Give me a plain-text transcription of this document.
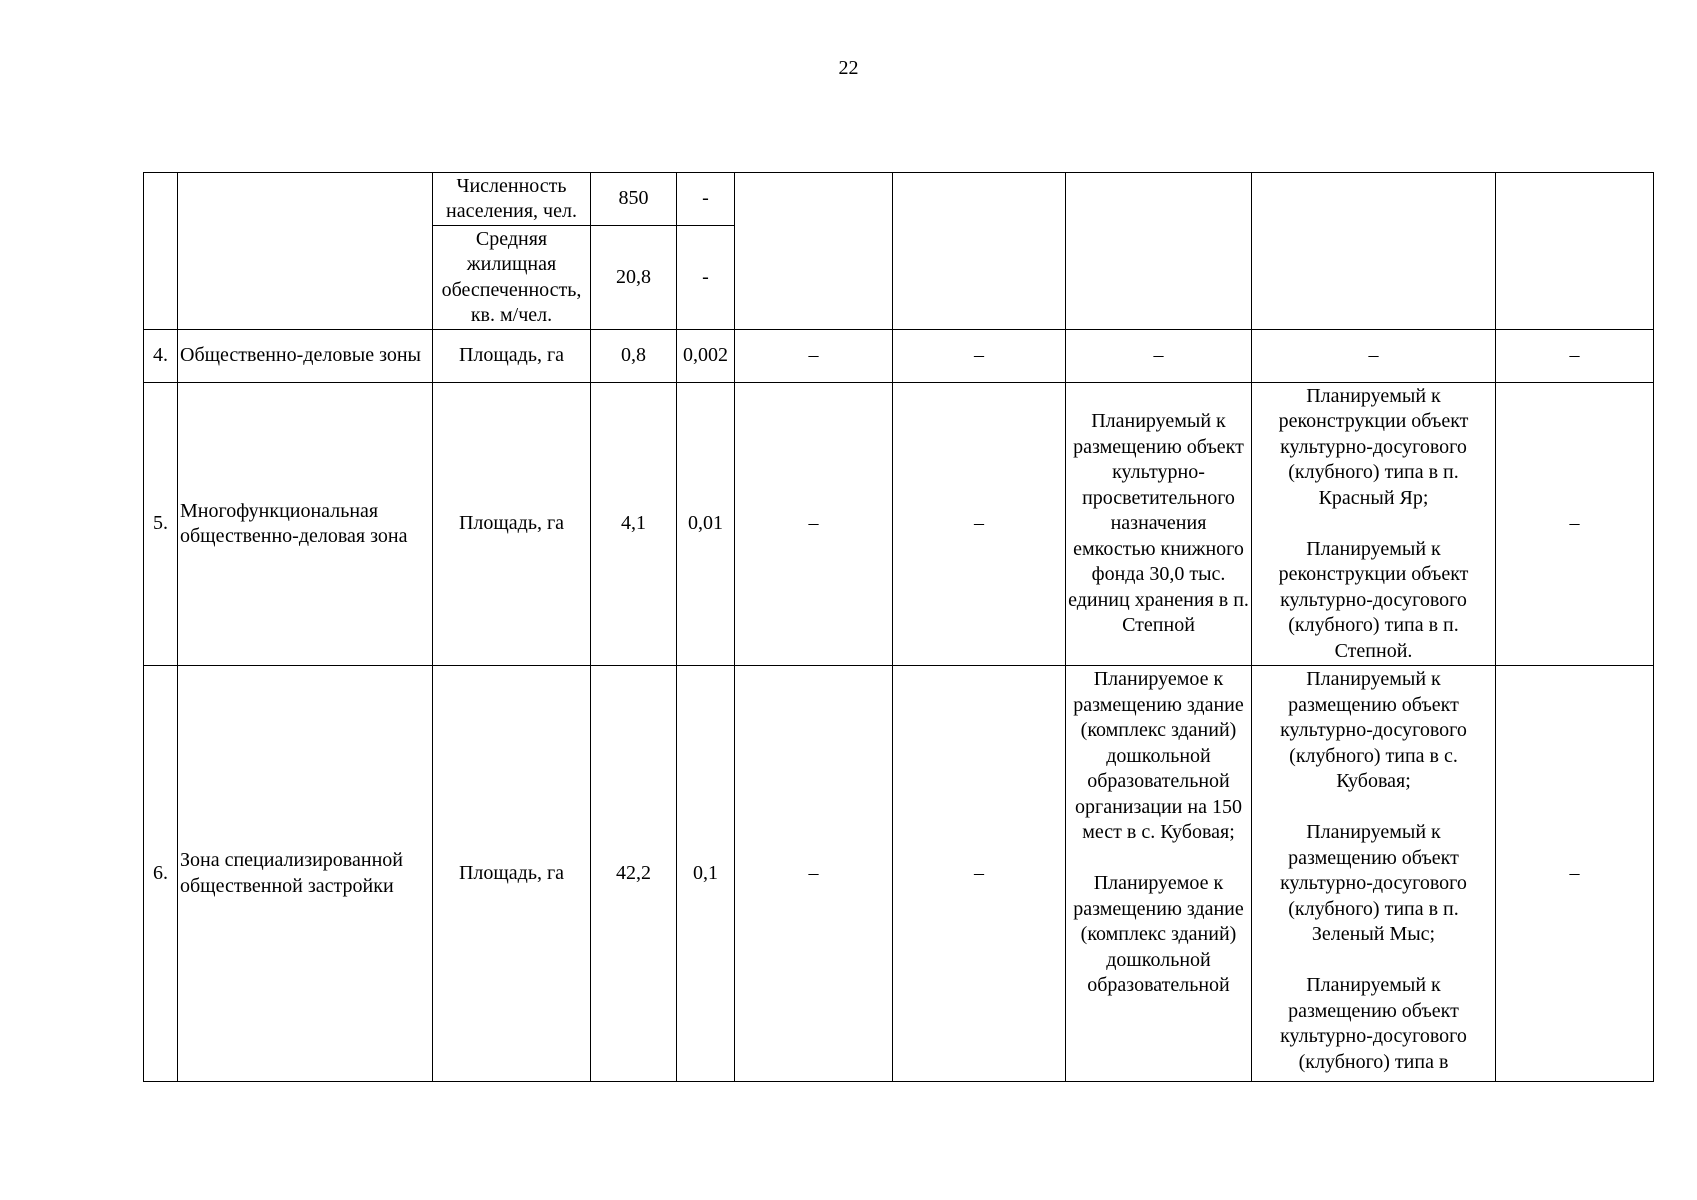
22
		Численность населения, чел.	850	-					
		Средняя жилищная обеспеченность, кв. м/чел.	20,8	-					
4.	Общественно-деловые зоны	Площадь, га	0,8	0,002	–	–	–	–	–
5.	Многофункциональная общественно-деловая зона	Площадь, га	4,1	0,01	–	–	Планируемый к размещению объект культурно-просветительного назначения емкостью книжного фонда 30,0 тыс. единиц хранения в п. Степной	Планируемый к реконструкции объект культурно-досугового (клубного) типа в п. Красный Яр;
Планируемый к реконструкции объект культурно-досугового (клубного) типа в п. Степной.	–
6.	Зона специализированной общественной застройки	Площадь, га	42,2	0,1	–	–	Планируемое к размещению здание (комплекс зданий) дошкольной образовательной организации на 150 мест в с. Кубовая;
Планируемое к размещению здание (комплекс зданий) дошкольной образовательной	Планируемый к размещению объект культурно-досугового (клубного) типа в с. Кубовая;
Планируемый к размещению объект культурно-досугового (клубного) типа в п. Зеленый Мыс;
Планируемый к размещению объект культурно-досугового (клубного) типа в	–
